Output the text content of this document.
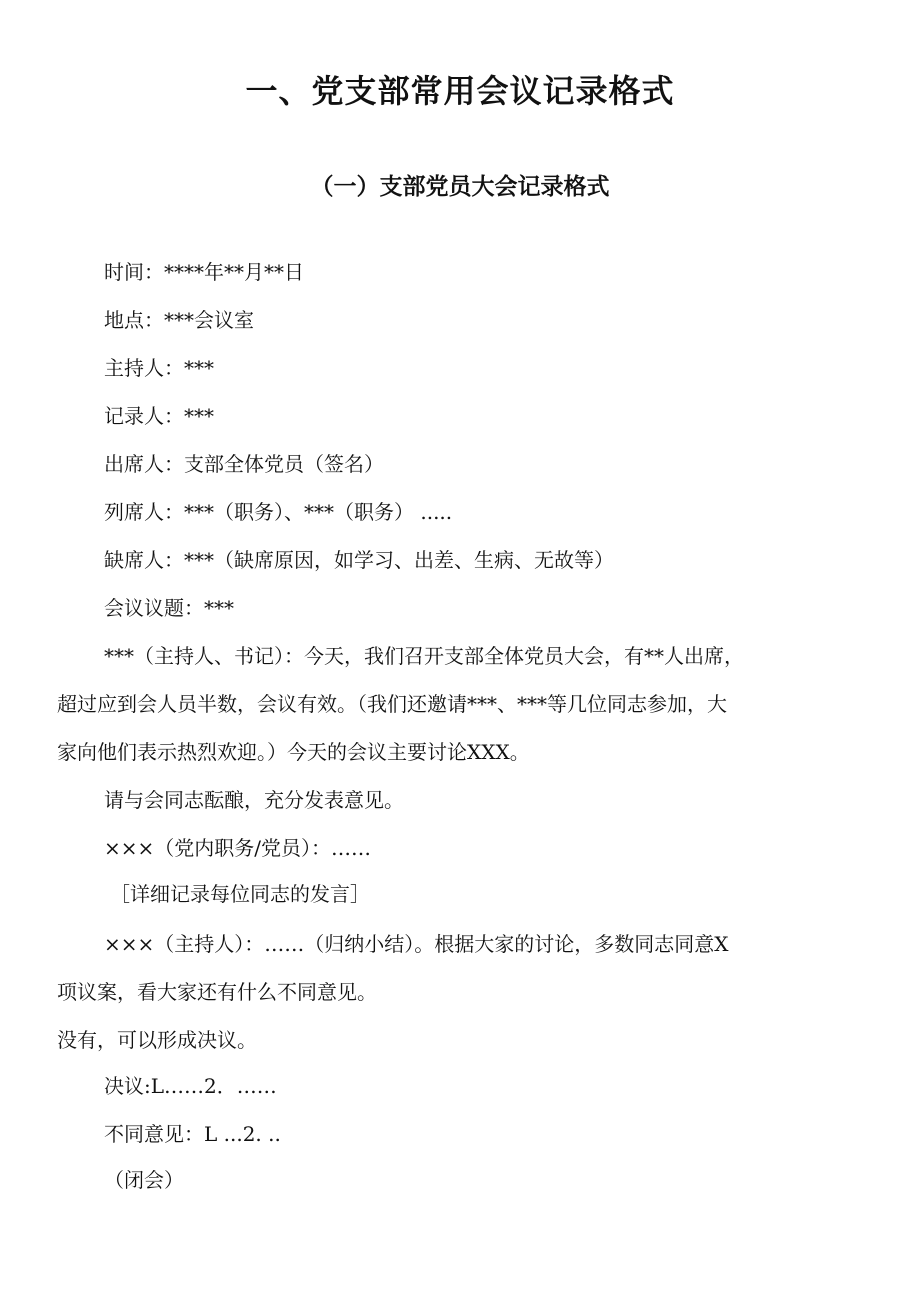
一、党支部常用会议记录格式
（一）支部党员大会记录格式
时间：****年**月**日
地点：***会议室
主持人：***
记录人：***
出席人：支部全体党员（签名）
列席人：***（职务）、***（职务） .....
缺席人：***（缺席原因，如学习、出差、生病、无故等）
会议议题：***
***（主持人、书记）：今天，我们召开支部全体党员大会，有**人出席，
超过应到会人员半数，会议有效。（我们还邀请***、***等几位同志参加，大
家向他们表示热烈欢迎。）今天的会议主要讨论XXX。
请与会同志酝酿，充分发表意见。
×××（党内职务/党员）：……
［详细记录每位同志的发言］
×××（主持人）：……（归纳小结）。根据大家的讨论，多数同志同意X
项议案，看大家还有什么不同意见。
没有，可以形成决议。
决议:L……2．……
不同意见：L ...2. ..
（闭会）
